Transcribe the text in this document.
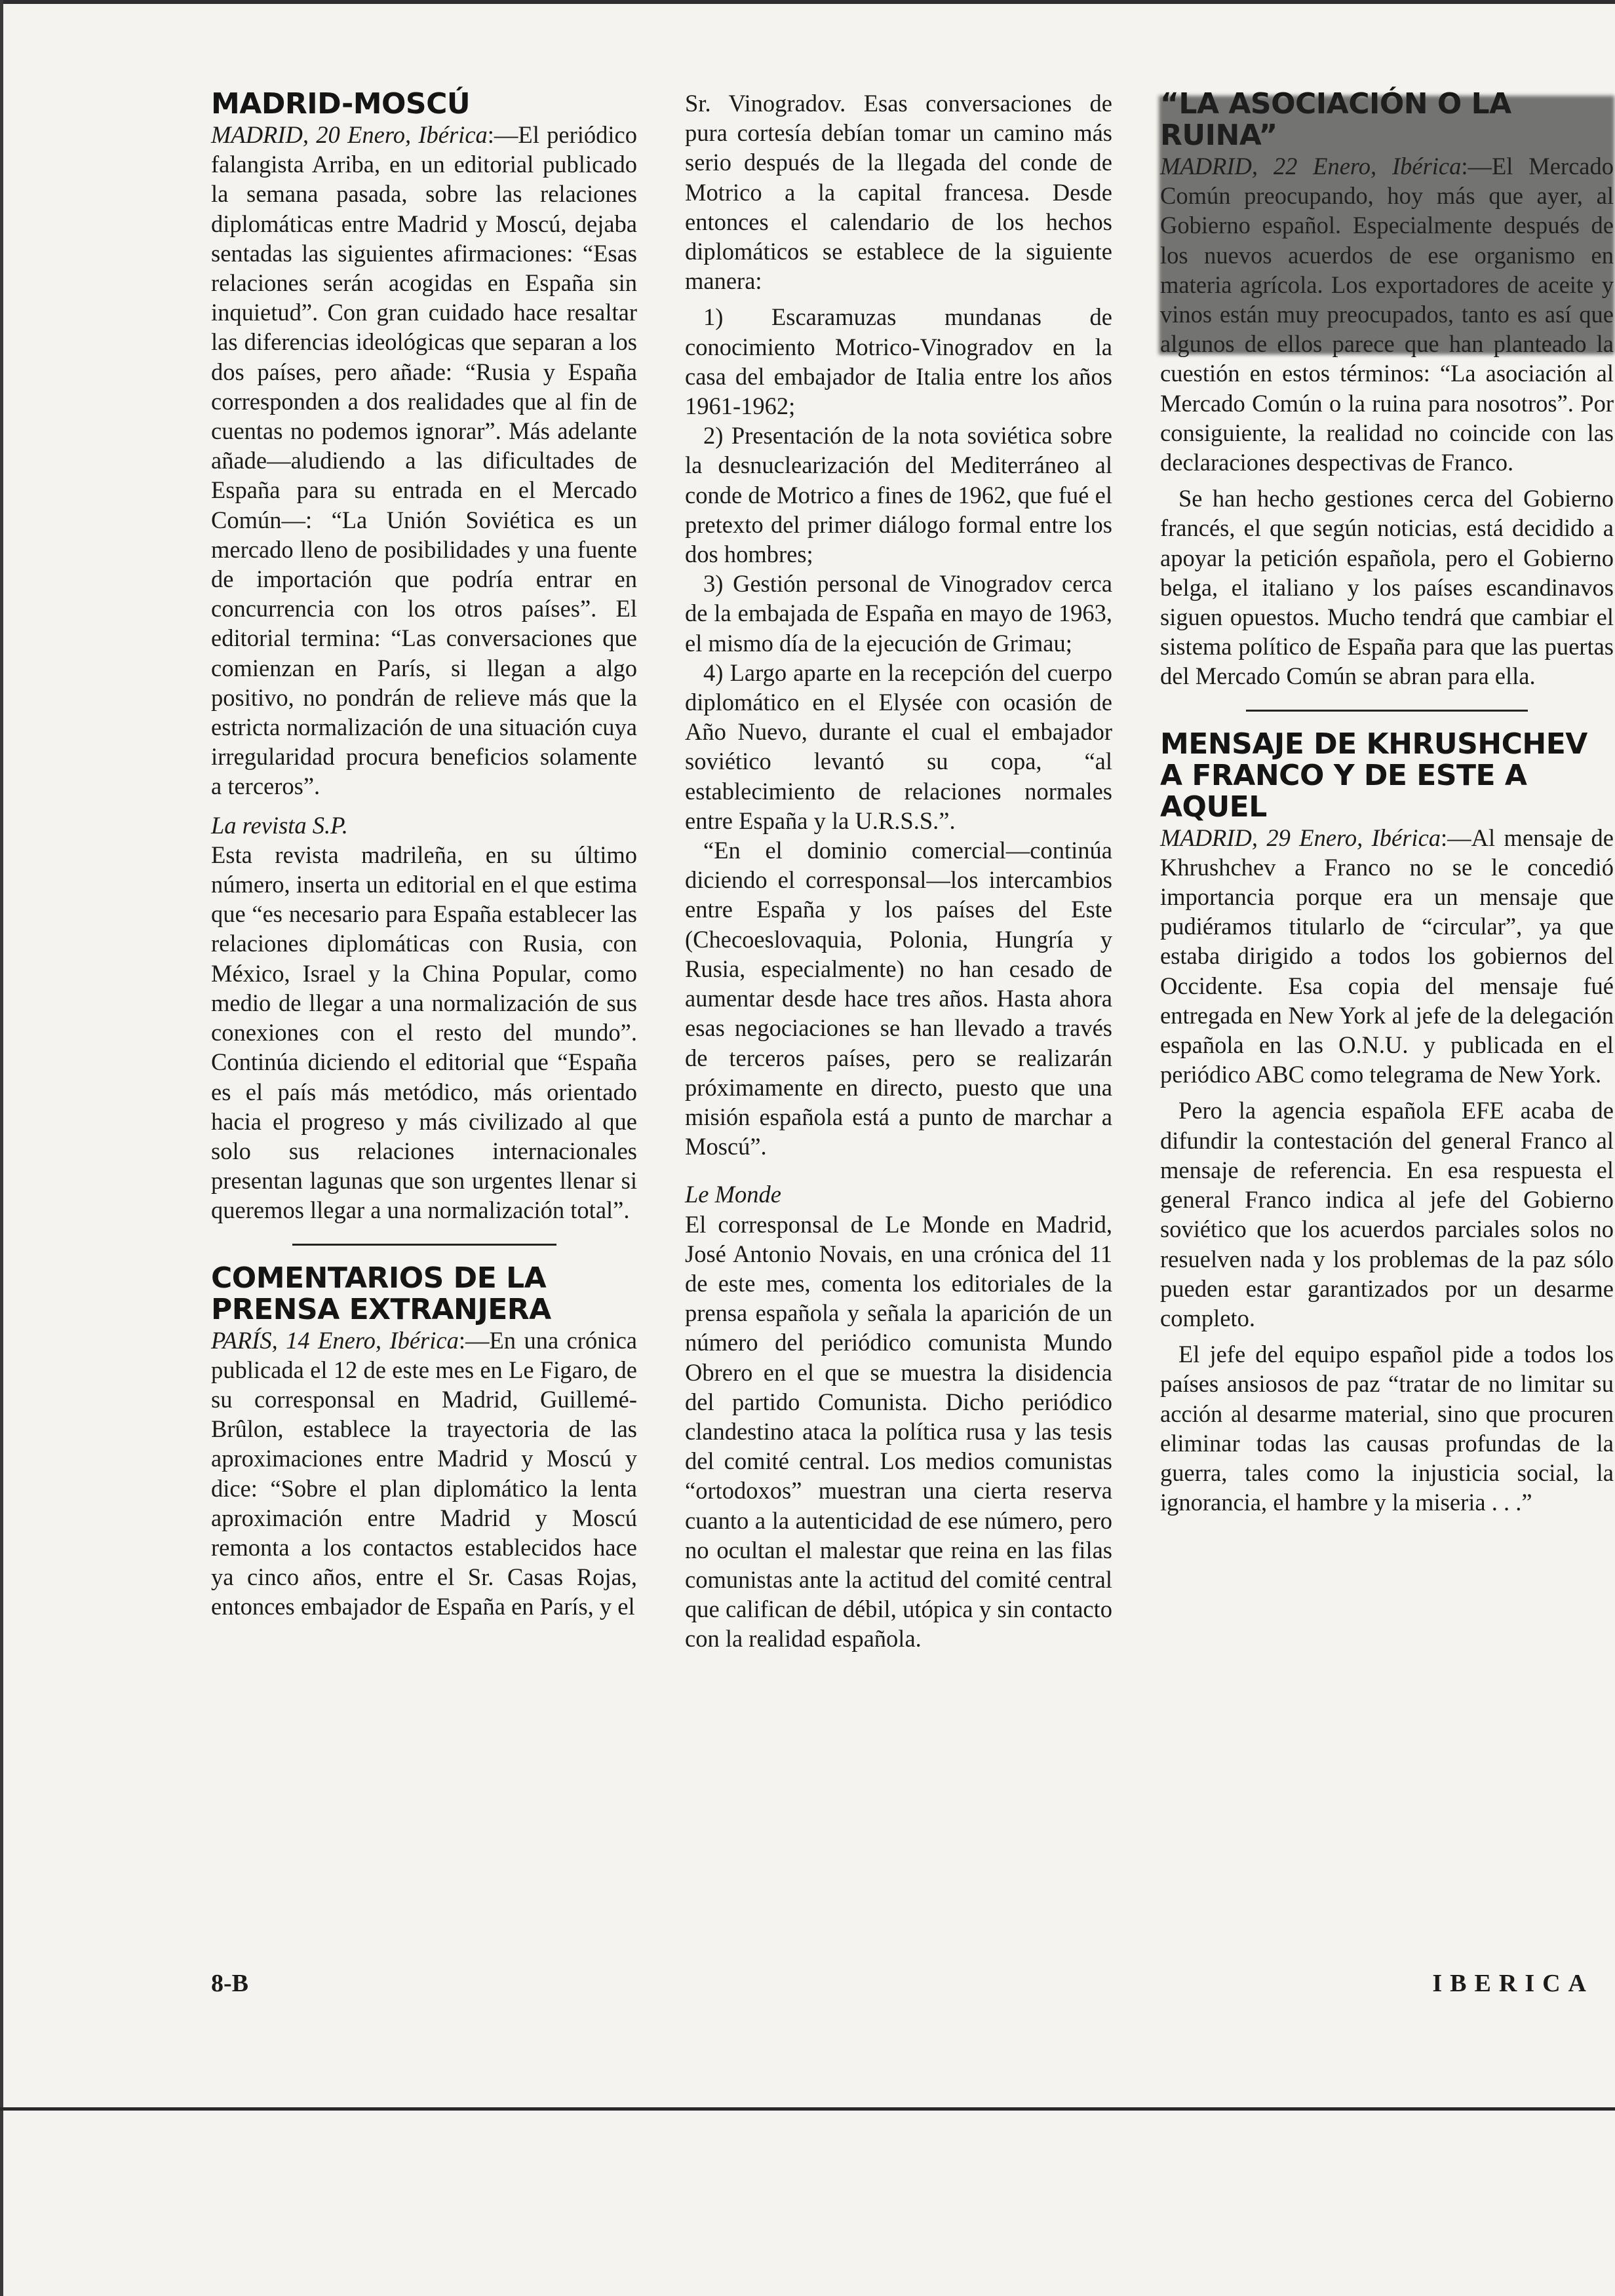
MADRID-MOSCÚ

MADRID, 20 Enero, Ibérica:—El periódico falangista Arriba, en un editorial publicado la semana pasada, sobre las relaciones diplomáticas entre Madrid y Moscú, dejaba sentadas las siguientes afirmaciones: “Esas relaciones serán acogidas en España sin inquietud”. Con gran cuidado hace resaltar las diferencias ideológicas que separan a los dos países, pero añade: “Rusia y España corresponden a dos realidades que al fin de cuentas no podemos ignorar”. Más adelante añade—aludiendo a las dificultades de España para su entrada en el Mercado Común—: “La Unión Soviética es un mercado lleno de posibilidades y una fuente de importación que podría entrar en concurrencia con los otros países”. El editorial termina: “Las conversaciones que comienzan en París, si llegan a algo positivo, no pondrán de relieve más que la estricta normalización de una situación cuya irregularidad procura beneficios solamente a terceros”.

La revista S.P.

Esta revista madrileña, en su último número, inserta un editorial en el que estima que “es necesario para España establecer las relaciones diplomáticas con Rusia, con México, Israel y la China Popular, como medio de llegar a una normalización de sus conexiones con el resto del mundo”. Continúa diciendo el editorial que “España es el país más metódico, más orientado hacia el progreso y más civilizado al que solo sus relaciones internacionales presentan lagunas que son urgentes llenar si queremos llegar a una normalización total”.

COMENTARIOS DE LA PRENSA EXTRANJERA

PARÍS, 14 Enero, Ibérica:—En una crónica publicada el 12 de este mes en Le Figaro, de su corresponsal en Madrid, Guillemé-Brûlon, establece la trayectoria de las aproximaciones entre Madrid y Moscú y dice: “Sobre el plan diplomático la lenta aproximación entre Madrid y Moscú remonta a los contactos establecidos hace ya cinco años, entre el Sr. Casas Rojas, entonces embajador de España en París, y el

Sr. Vinogradov. Esas conversaciones de pura cortesía debían tomar un camino más serio después de la llegada del conde de Motrico a la capital francesa. Desde entonces el calendario de los hechos diplomáticos se establece de la siguiente manera:

1) Escaramuzas mundanas de conocimiento Motrico-Vinogradov en la casa del embajador de Italia entre los años 1961-1962;

2) Presentación de la nota soviética sobre la desnuclearización del Mediterráneo al conde de Motrico a fines de 1962, que fué el pretexto del primer diálogo formal entre los dos hombres;

3) Gestión personal de Vinogradov cerca de la embajada de España en mayo de 1963, el mismo día de la ejecución de Grimau;

4) Largo aparte en la recepción del cuerpo diplomático en el Elysée con ocasión de Año Nuevo, durante el cual el embajador soviético levantó su copa, “al establecimiento de relaciones normales entre España y la U.R.S.S.”.

“En el dominio comercial—continúa diciendo el corresponsal—los intercambios entre España y los países del Este (Checoeslovaquia, Polonia, Hungría y Rusia, especialmente) no han cesado de aumentar desde hace tres años. Hasta ahora esas negociaciones se han llevado a través de terceros países, pero se realizarán próximamente en directo, puesto que una misión española está a punto de marchar a Moscú”.

Le Monde

El corresponsal de Le Monde en Madrid, José Antonio Novais, en una crónica del 11 de este mes, comenta los editoriales de la prensa española y señala la aparición de un número del periódico comunista Mundo Obrero en el que se muestra la disidencia del partido Comunista. Dicho periódico clandestino ataca la política rusa y las tesis del comité central. Los medios comunistas “ortodoxos” muestran una cierta reserva cuanto a la autenticidad de ese número, pero no ocultan el malestar que reina en las filas comunistas ante la actitud del comité central que califican de débil, utópica y sin contacto con la realidad española.

cuestión en estos términos: “La asociación al Mercado Común o la ruina para nosotros”. Por consiguiente, la realidad no coincide con las declaraciones despectivas de Franco.

Se han hecho gestiones cerca del Gobierno francés, el que según noticias, está decidido a apoyar la petición española, pero el Gobierno belga, el italiano y los países escandinavos siguen opuestos. Mucho tendrá que cambiar el sistema político de España para que las puertas del Mercado Común se abran para ella.

MENSAJE DE KHRUSHCHEV A FRANCO Y DE ESTE A AQUEL

MADRID, 29 Enero, Ibérica:—Al mensaje de Khrushchev a Franco no se le concedió importancia porque era un mensaje que pudiéramos titularlo de “circular”, ya que estaba dirigido a todos los gobiernos del Occidente. Esa copia del mensaje fué entregada en New York al jefe de la delegación española en las O.N.U. y publicada en el periódico ABC como telegrama de New York.

Pero la agencia española EFE acaba de difundir la contestación del general Franco al mensaje de referencia. En esa respuesta el general Franco indica al jefe del Gobierno soviético que los acuerdos parciales solos no resuelven nada y los problemas de la paz sólo pueden estar garantizados por un desarme completo.

El jefe del equipo español pide a todos los países ansiosos de paz “tratar de no limitar su acción al desarme material, sino que procuren eliminar todas las causas profundas de la guerra, tales como la injusticia social, la ignorancia, el hambre y la miseria . . .”

8-B	IBERICA
